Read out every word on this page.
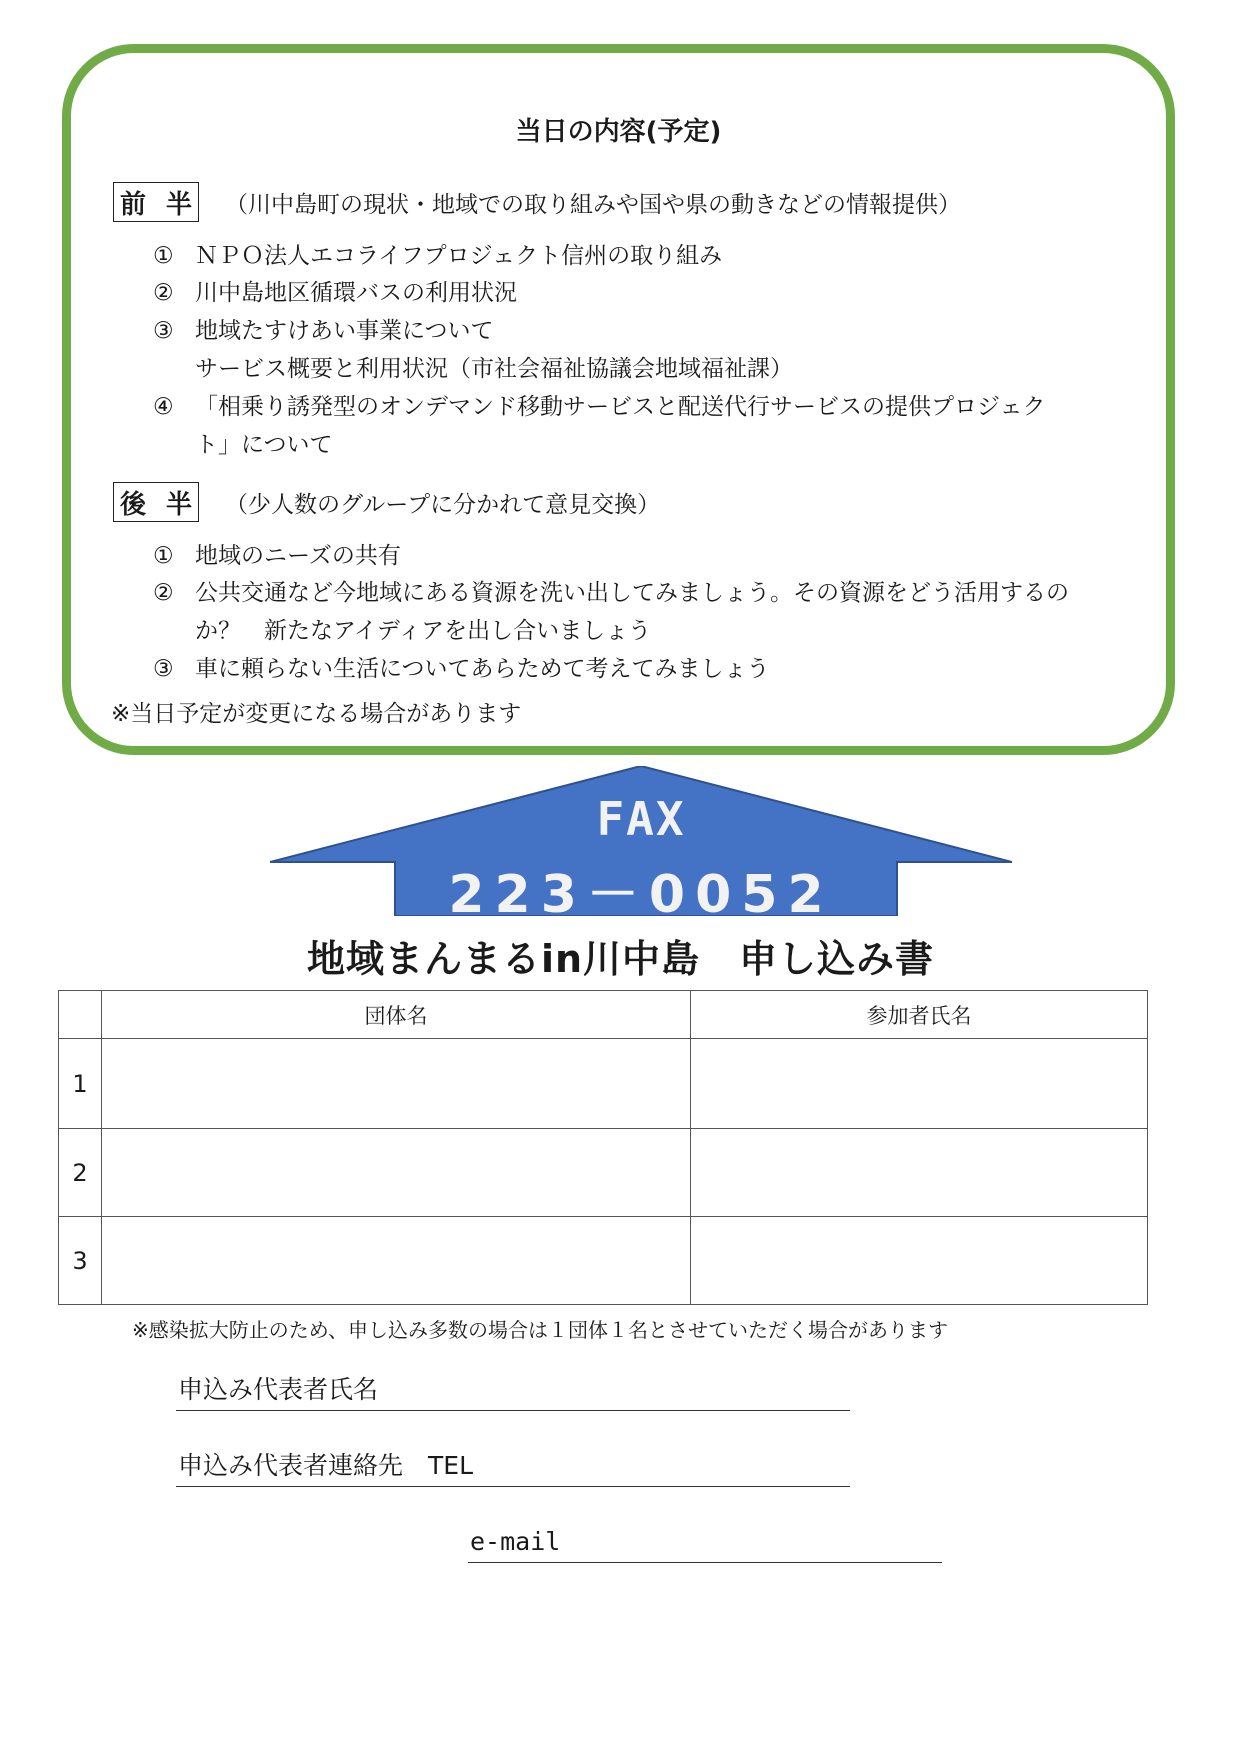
当日の内容(予定)
前 半 （川中島町の現状・地域での取り組みや国や県の動きなどの情報提供）
① ＮＰＯ法人エコライフプロジェクト信州の取り組み
② 川中島地区循環バスの利用状況
③ 地域たすけあい事業について
サービス概要と利用状況（市社会福祉協議会地域福祉課）
④ 「相乗り誘発型のオンデマンド移動サービスと配送代行サービスの提供プロジェク
ト」について
後 半 （少人数のグループに分かれて意見交換）
① 地域のニーズの共有
② 公共交通など今地域にある資源を洗い出してみましょう。その資源をどう活用するの
か？　新たなアイディアを出し合いましょう
③ 車に頼らない生活についてあらためて考えてみましょう
※当日予定が変更になる場合があります
FAX
223－0052
地域まんまるin川中島　申し込み書
	団体名	参加者氏名
1		
2		
3		
※感染拡大防止のため、申し込み多数の場合は１団体１名とさせていただく場合があります
申込み代表者氏名
申込み代表者連絡先　TEL
e-mail
